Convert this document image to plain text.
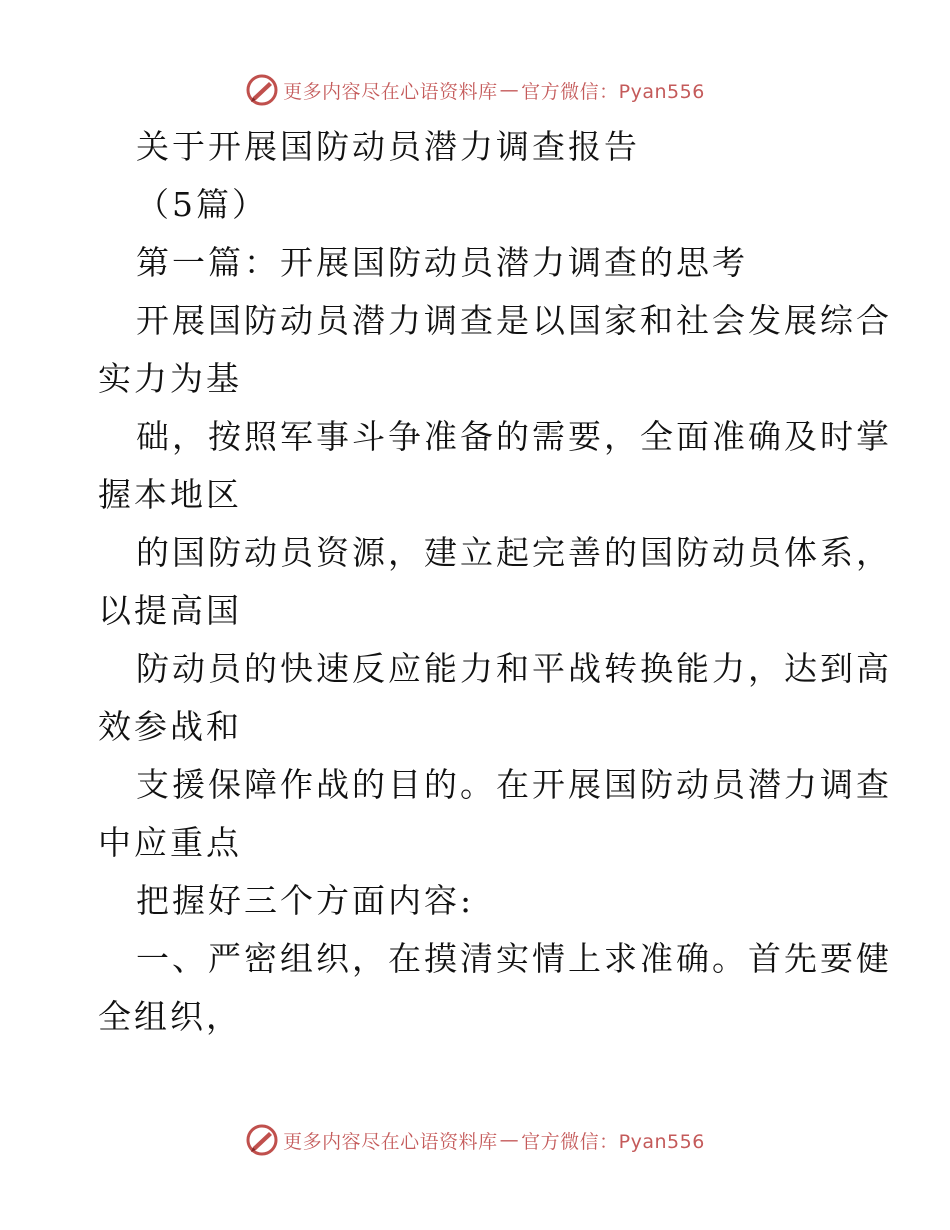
更多内容尽在心语资料库 — 官方微信：Pyan556
关于开展国防动员潜力调查报告
（5篇）
第一篇：开展国防动员潜力调查的思考
开展国防动员潜力调查是以国家和社会发展综合
实力为基
础，按照军事斗争准备的需要，全面准确及时掌
握本地区
的国防动员资源，建立起完善的国防动员体系，
以提高国
防动员的快速反应能力和平战转换能力，达到高
效参战和
支援保障作战的目的。在开展国防动员潜力调查
中应重点
把握好三个方面内容:
一、严密组织，在摸清实情上求准确。首先要健
全组织，
更多内容尽在心语资料库 — 官方微信：Pyan556
